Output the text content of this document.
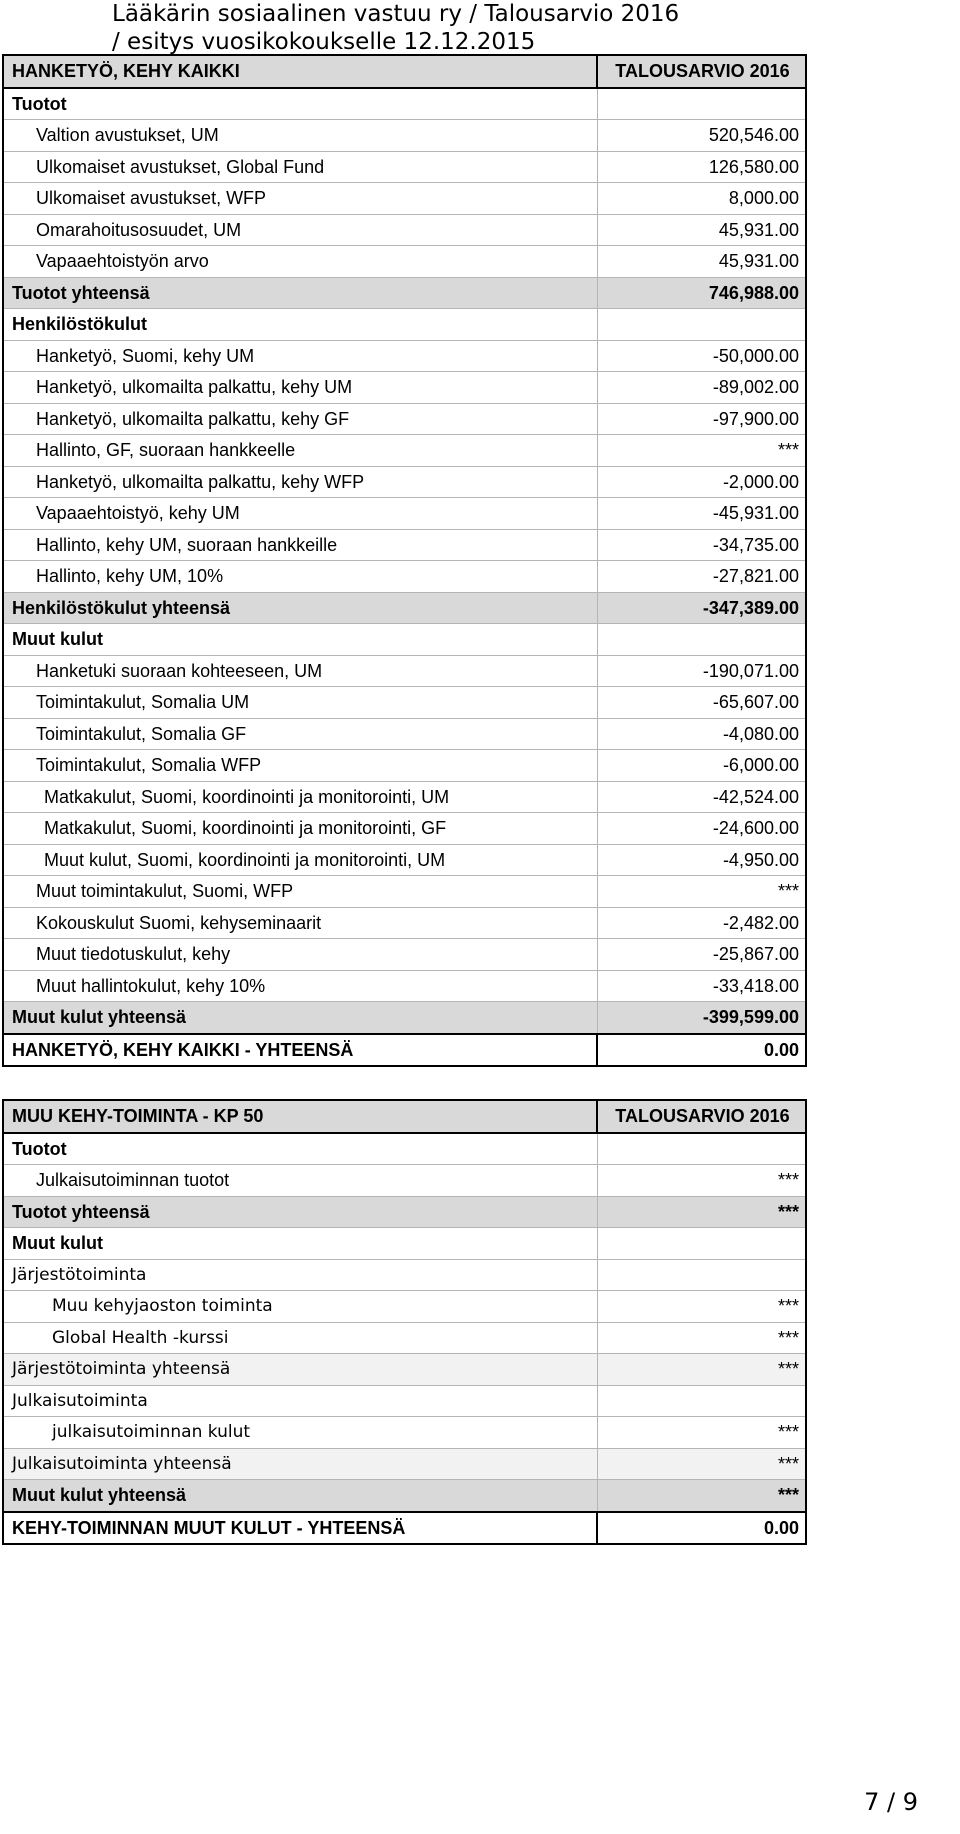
Lääkärin sosiaalinen vastuu ry / Talousarvio 2016
/ esitys vuosikokoukselle 12.12.2015
HANKETYÖ, KEHY KAIKKI	TALOUSARVIO 2016
Tuotot	
Valtion avustukset, UM	520,546.00
Ulkomaiset avustukset, Global Fund	126,580.00
Ulkomaiset avustukset, WFP	8,000.00
Omarahoitusosuudet, UM	45,931.00
Vapaaehtoistyön arvo	45,931.00
Tuotot yhteensä	746,988.00
Henkilöstökulut	
Hanketyö, Suomi, kehy UM	-50,000.00
Hanketyö, ulkomailta palkattu, kehy UM	-89,002.00
Hanketyö, ulkomailta palkattu, kehy GF	-97,900.00
Hallinto, GF, suoraan hankkeelle	***
Hanketyö, ulkomailta palkattu, kehy WFP	-2,000.00
Vapaaehtoistyö, kehy UM	-45,931.00
Hallinto, kehy UM, suoraan hankkeille	-34,735.00
Hallinto, kehy UM, 10%	-27,821.00
Henkilöstökulut yhteensä	-347,389.00
Muut kulut	
Hanketuki suoraan kohteeseen, UM	-190,071.00
Toimintakulut, Somalia UM	-65,607.00
Toimintakulut, Somalia GF	-4,080.00
Toimintakulut, Somalia WFP	-6,000.00
Matkakulut, Suomi, koordinointi ja monitorointi, UM	-42,524.00
Matkakulut, Suomi, koordinointi ja monitorointi, GF	-24,600.00
Muut kulut, Suomi, koordinointi ja monitorointi, UM	-4,950.00
Muut toimintakulut, Suomi, WFP	***
Kokouskulut Suomi, kehyseminaarit	-2,482.00
Muut tiedotuskulut, kehy	-25,867.00
Muut hallintokulut, kehy 10%	-33,418.00
Muut kulut yhteensä	-399,599.00
HANKETYÖ, KEHY KAIKKI - YHTEENSÄ	0.00
MUU KEHY-TOIMINTA - KP 50	TALOUSARVIO 2016
Tuotot	
Julkaisutoiminnan tuotot	***
Tuotot yhteensä	***
Muut kulut	
Järjestötoiminta	
Muu kehyjaoston toiminta	***
Global Health -kurssi	***
Järjestötoiminta yhteensä	***
Julkaisutoiminta	
julkaisutoiminnan kulut	***
Julkaisutoiminta yhteensä	***
Muut kulut yhteensä	***
KEHY-TOIMINNAN MUUT KULUT - YHTEENSÄ	0.00
7 / 9
